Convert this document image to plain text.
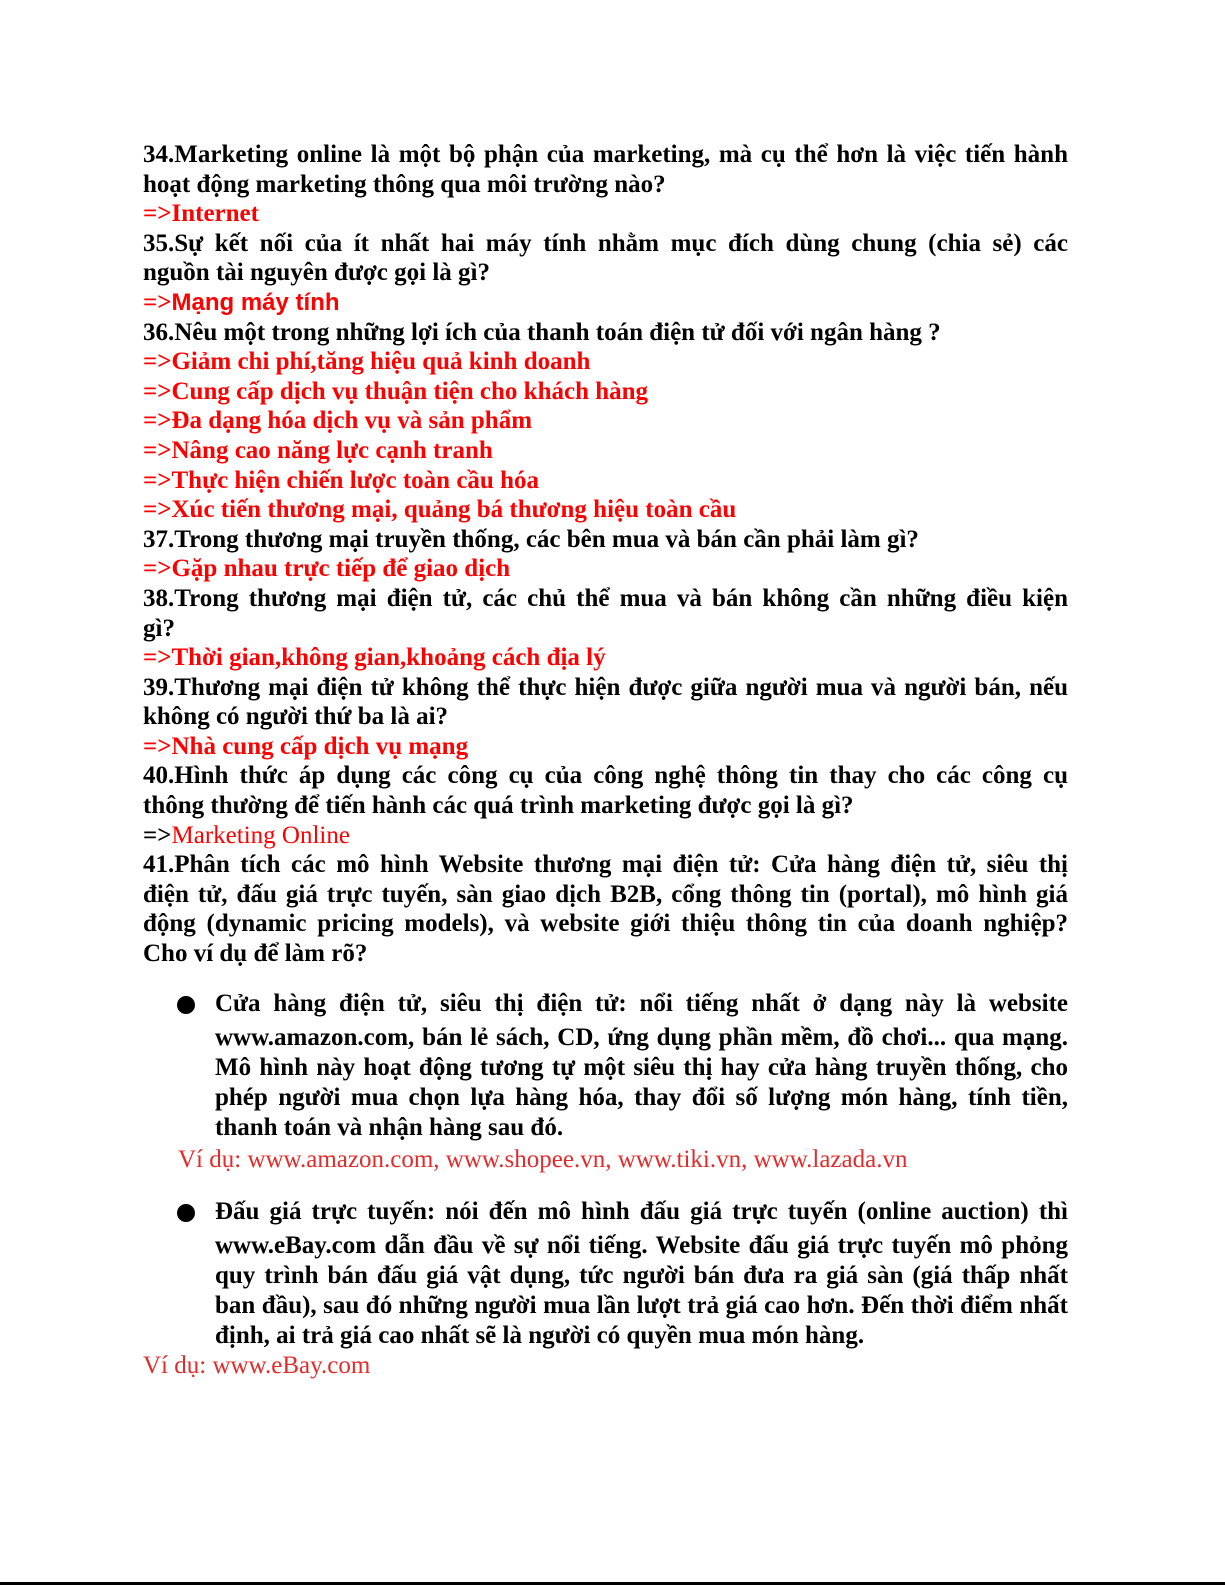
34.Marketing online là một bộ phận của marketing, mà cụ thể hơn là việc tiến hành
hoạt động marketing thông qua môi trường nào?
=>Internet
35.Sự kết nối của ít nhất hai máy tính nhằm mục đích dùng chung (chia sẻ) các
nguồn tài nguyên được gọi là gì?
=>Mạng máy tính
36.Nêu một trong những lợi ích của thanh toán điện tử đối với ngân hàng ?
=>Giảm chi phí,tăng hiệu quả kinh doanh
=>Cung cấp dịch vụ thuận tiện cho khách hàng
=>Đa dạng hóa dịch vụ và sản phẩm
=>Nâng cao năng lực cạnh tranh
=>Thực hiện chiến lược toàn cầu hóa
=>Xúc tiến thương mại, quảng bá thương hiệu toàn cầu
37.Trong thương mại truyền thống, các bên mua và bán cần phải làm gì?
=>Gặp nhau trực tiếp để giao dịch
38.Trong thương mại điện tử, các chủ thể mua và bán không cần những điều kiện
gì?
=>Thời gian,không gian,khoảng cách địa lý
39.Thương mại điện tử không thể thực hiện được giữa người mua và người bán, nếu
không có người thứ ba là ai?
=>Nhà cung cấp dịch vụ mạng
40.Hình thức áp dụng các công cụ của công nghệ thông tin thay cho các công cụ
thông thường để tiến hành các quá trình marketing được gọi là gì?
=>Marketing Online
41.Phân tích các mô hình Website thương mại điện tử: Cửa hàng điện tử, siêu thị
điện tử, đấu giá trực tuyến, sàn giao dịch B2B, cổng thông tin (portal), mô hình giá
động (dynamic pricing models), và website giới thiệu thông tin của doanh nghiệp?
Cho ví dụ để làm rõ?
Cửa hàng điện tử, siêu thị điện tử: nổi tiếng nhất ở dạng này là website
www.amazon.com, bán lẻ sách, CD, ứng dụng phần mềm, đồ chơi... qua mạng. Mô hình này hoạt động tương tự một siêu thị hay cửa hàng truyền thống, cho phép người mua chọn lựa hàng hóa, thay đổi số lượng món hàng, tính tiền, thanh toán và nhận hàng sau đó.
Ví dụ: www.amazon.com, www.shopee.vn, www.tiki.vn, www.lazada.vn
Đấu giá trực tuyến: nói đến mô hình đấu giá trực tuyến (online auction) thì
www.eBay.com dẫn đầu về sự nổi tiếng. Website đấu giá trực tuyến mô phỏng quy trình bán đấu giá vật dụng, tức người bán đưa ra giá sàn (giá thấp nhất ban đầu), sau đó những người mua lần lượt trả giá cao hơn. Đến thời điểm nhất định, ai trả giá cao nhất sẽ là người có quyền mua món hàng.
Ví dụ: www.eBay.com
